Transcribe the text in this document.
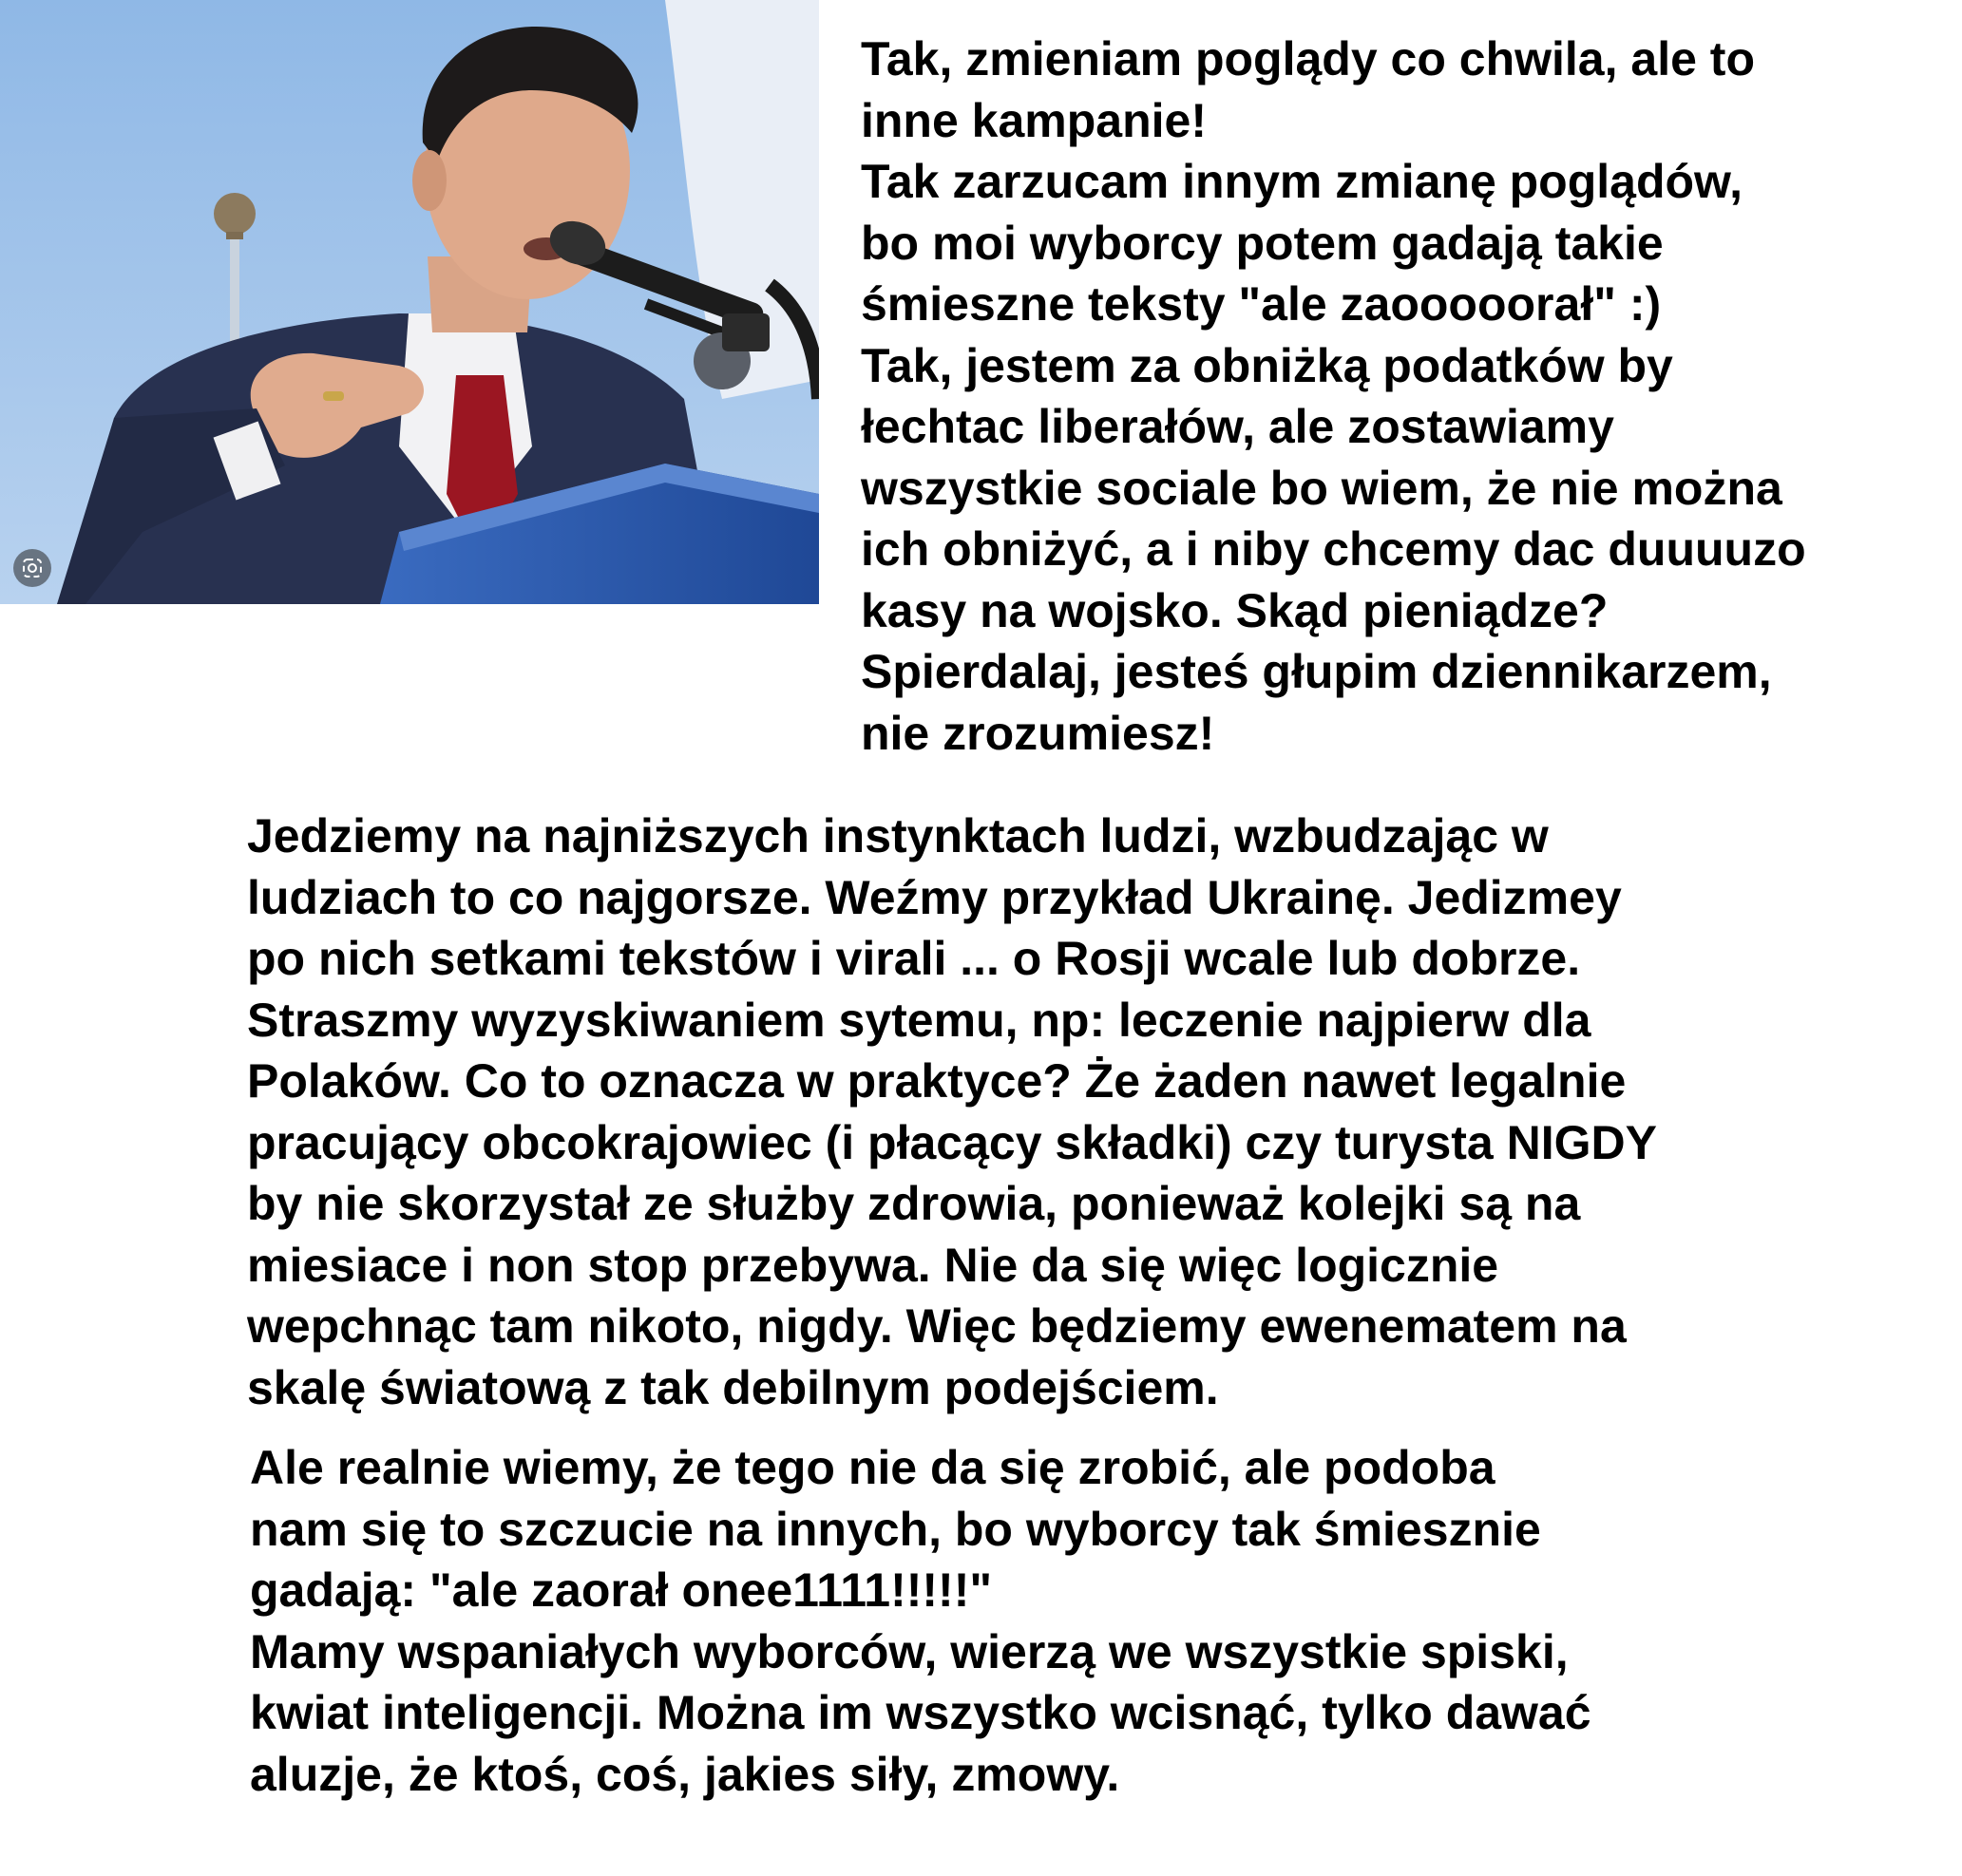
Tak, zmieniam poglądy co chwila, ale to
inne kampanie!
Tak zarzucam innym zmianę poglądów,
bo moi wyborcy potem gadają takie
śmieszne teksty "ale zaooooorał" :)
Tak, jestem za obniżką podatków by
łechtac liberałów, ale zostawiamy
wszystkie sociale bo wiem, że nie można
ich obniżyć, a i niby chcemy dac duuuuzo
kasy na wojsko. Skąd pieniądze?
Spierdalaj, jesteś głupim dziennikarzem,
nie zrozumiesz!

Jedziemy na najniższych instynktach ludzi, wzbudzając w
ludziach to co najgorsze. Weźmy przykład Ukrainę. Jedizmey
po nich setkami tekstów i virali ... o Rosji wcale lub dobrze.
Straszmy wyzyskiwaniem sytemu, np: leczenie najpierw dla
Polaków. Co to oznacza w praktyce? Że żaden nawet legalnie
pracujący obcokrajowiec (i płacący składki) czy turysta NIGDY
by nie skorzystał ze służby zdrowia, ponieważ kolejki są na
miesiace i non stop przebywa. Nie da się więc logicznie
wepchnąc tam nikoto, nigdy. Więc będziemy ewenematem na
skalę światową z tak debilnym podejściem.

Ale realnie wiemy, że tego nie da się zrobić, ale podoba
nam się to szczucie na innych, bo wyborcy tak śmiesznie
gadają: "ale zaorał onee1111!!!!!"
Mamy wspaniałych wyborców, wierzą we wszystkie spiski,
kwiat inteligencji. Można im wszystko wcisnąć, tylko dawać
aluzje, że ktoś, coś, jakies siły, zmowy.
